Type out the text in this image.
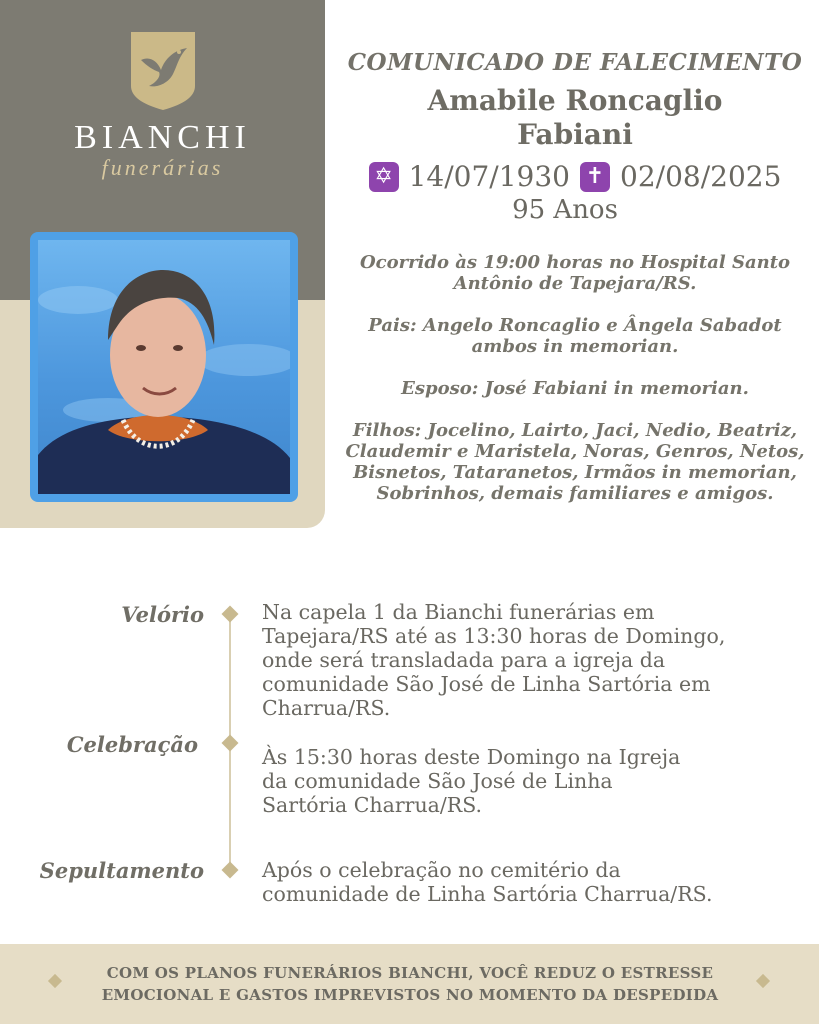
BIANCHI
funerárias
COMUNICADO DE FALECIMENTO
Amabile Roncaglio
Fabiani
✡ 14/07/1930 ✝ 02/08/2025
95 Anos

Ocorrido às 19:00 horas no Hospital Santo
Antônio de Tapejara/RS.

Pais: Angelo Roncaglio e Ângela Sabadot
ambos in memorian.

Esposo: José Fabiani in memorian.

Filhos: Jocelino, Lairto, Jaci, Nedio, Beatriz,
Claudemir e Maristela, Noras, Genros, Netos,
Bisnetos, Tataranetos, Irmãos in memorian,
Sobrinhos, demais familiares e amigos.

Velório	Na capela 1 da Bianchi funerárias em
Tapejara/RS até as 13:30 horas de Domingo,
onde será transladada para a igreja da
comunidade São José de Linha Sartória em
Charrua/RS.
Celebração	Às 15:30 horas deste Domingo na Igreja
da comunidade São José de Linha
Sartória Charrua/RS.
Sepultamento	Após o celebração no cemitério da
comunidade de Linha Sartória Charrua/RS.
COM OS PLANOS FUNERÁRIOS BIANCHI, VOCÊ REDUZ O ESTRESSE
EMOCIONAL E GASTOS IMPREVISTOS NO MOMENTO DA DESPEDIDA
